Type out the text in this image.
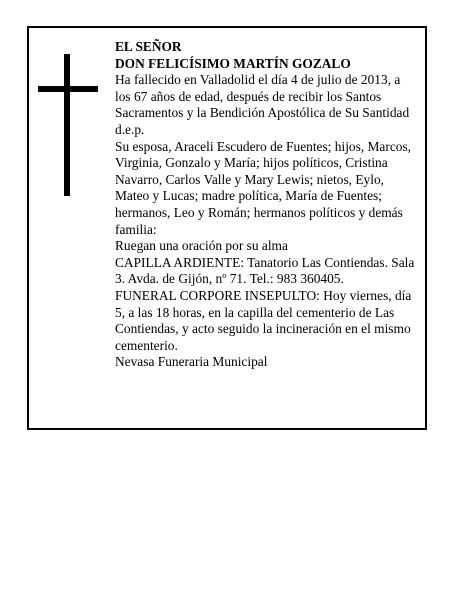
EL SEÑOR

DON FELICÍSIMO MARTÍN GOZALO

Ha fallecido en Valladolid el día 4 de julio de 2013, a los 67 años de edad, después de recibir los Santos Sacramentos y la Bendición Apostólica de Su Santidad d.e.p.

Su esposa, Araceli Escudero de Fuentes; hijos, Marcos, Virginia, Gonzalo y María; hijos políticos, Cristina Navarro, Carlos Valle y Mary Lewis; nietos, Eylo, Mateo y Lucas; madre política, María de Fuentes; hermanos, Leo y Román; hermanos políticos y demás familia:

Ruegan una oración por su alma

CAPILLA ARDIENTE: Tanatorio Las Contiendas. Sala 3. Avda. de Gijón, nº 71. Tel.: 983 360405.

FUNERAL CORPORE INSEPULTO: Hoy viernes, día 5, a las 18 horas, en la capilla del cementerio de Las Contiendas, y acto seguido la incineración en el mismo cementerio.

Nevasa Funeraria Municipal
